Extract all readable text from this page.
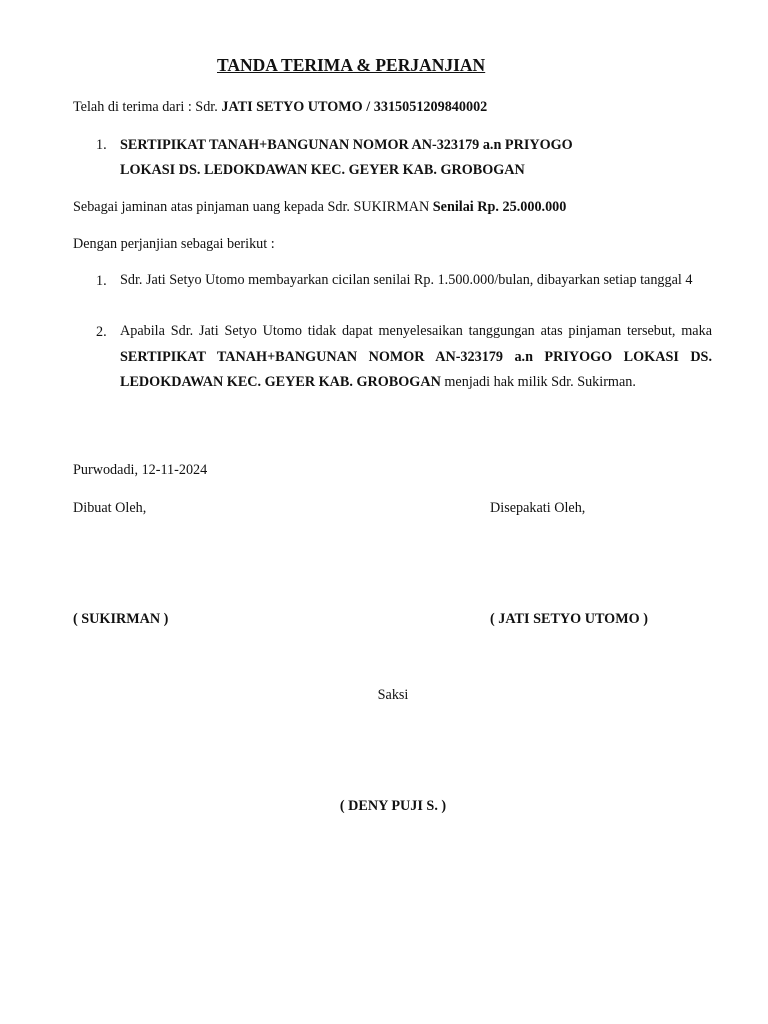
TANDA TERIMA & PERJANJIAN
Telah di terima dari : Sdr. JATI SETYO UTOMO / 3315051209840002
1. SERTIPIKAT TANAH+BANGUNAN NOMOR AN-323179 a.n PRIYOGO
LOKASI DS. LEDOKDAWAN KEC. GEYER KAB. GROBOGAN
Sebagai jaminan atas pinjaman uang kepada Sdr. SUKIRMAN Senilai Rp. 25.000.000
Dengan perjanjian sebagai berikut :
1. Sdr. Jati Setyo Utomo membayarkan cicilan senilai Rp. 1.500.000/bulan, dibayarkan setiap tanggal 4
2. Apabila Sdr. Jati Setyo Utomo tidak dapat menyelesaikan tanggungan atas pinjaman tersebut, maka SERTIPIKAT TANAH+BANGUNAN NOMOR AN-323179 a.n PRIYOGO LOKASI DS. LEDOKDAWAN KEC. GEYER KAB. GROBOGAN menjadi hak milik Sdr. Sukirman.
Purwodadi, 12-11-2024
Dibuat Oleh,	Disepakati Oleh,
( SUKIRMAN )	( JATI SETYO UTOMO )
Saksi
( DENY PUJI S. )
